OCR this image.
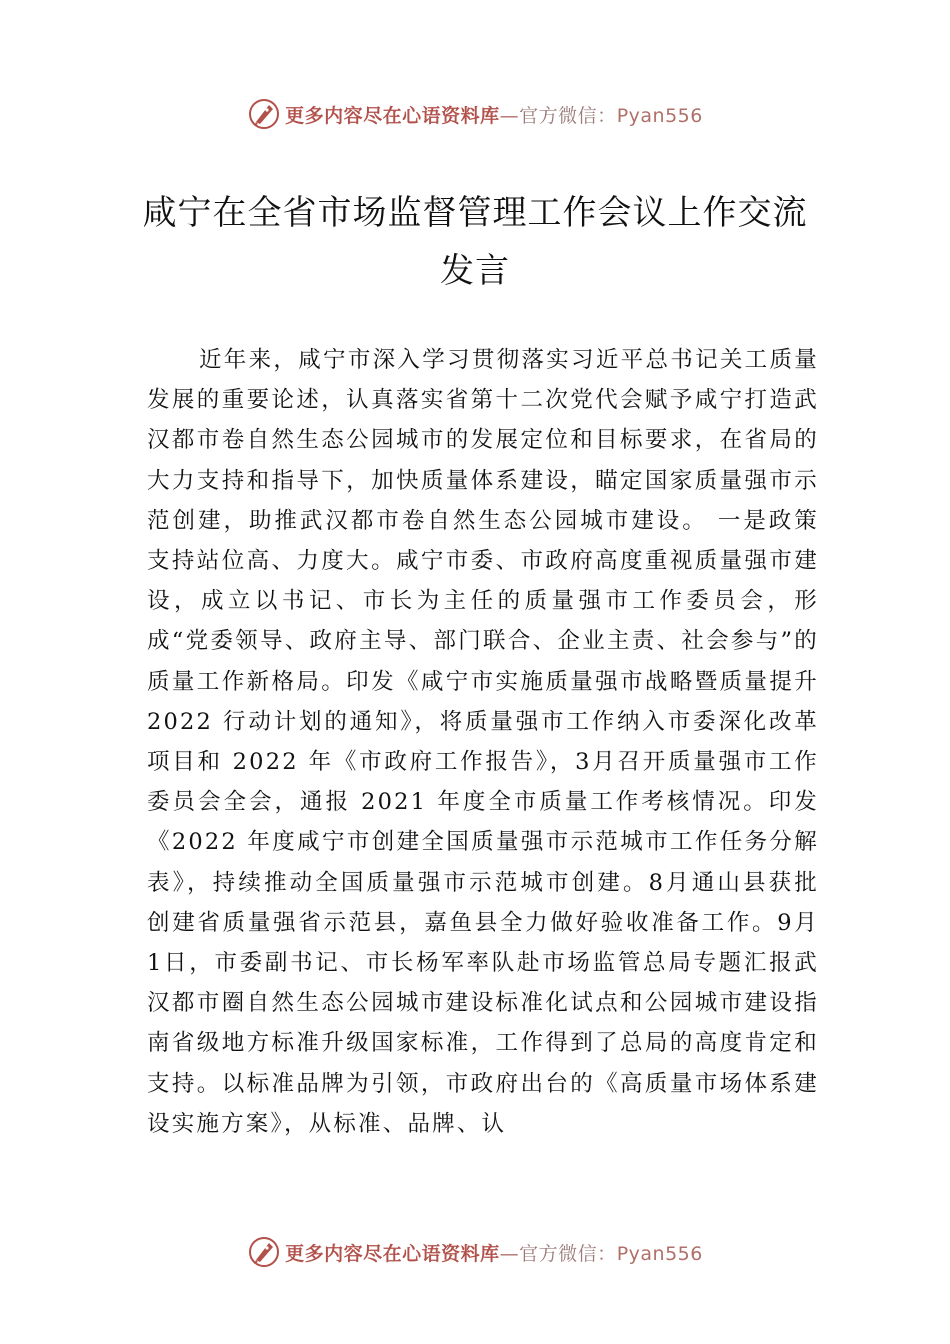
更多内容尽在心语资料库—官方微信：Pyan556
咸宁在全省市场监督管理工作会议上作交流发言

近年来，咸宁市深入学习贯彻落实习近平总书记关工质量发展的重要论述，认真落实省第十二次党代会赋予咸宁打造武汉都市卷自然生态公园城市的发展定位和目标要求，在省局的大力支持和指导下，加快质量体系建设，瞄定国家质量强市示范创建，助推武汉都市卷自然生态公园城市建设。 一是政策支持站位高、力度大。咸宁市委、市政府高度重视质量强市建设，成立以书记、市长为主任的质量强市工作委员会，形成“党委领导、政府主导、部门联合、企业主责、社会参与”的质量工作新格局。印发《咸宁市实施质量强市战略暨质量提升 2022 行动计划的通知》，将质量强市工作纳入市委深化改革项目和 2022 年《市政府工作报告》，3月召开质量强市工作委员会全会，通报 2021 年度全市质量工作考核情况。印发《2022 年度咸宁市创建全国质量强市示范城市工作任务分解表》，持续推动全国质量强市示范城市创建。8月通山县获批创建省质量强省示范县，嘉鱼县全力做好验收准备工作。9月 1日，市委副书记、市长杨军率队赴市场监管总局专题汇报武汉都市圈自然生态公园城市建设标准化试点和公园城市建设指南省级地方标准升级国家标准，工作得到了总局的高度肯定和支持。以标准品牌为引领，市政府出台的《高质量市场体系建设实施方案》，从标准、品牌、认

更多内容尽在心语资料库—官方微信：Pyan556
